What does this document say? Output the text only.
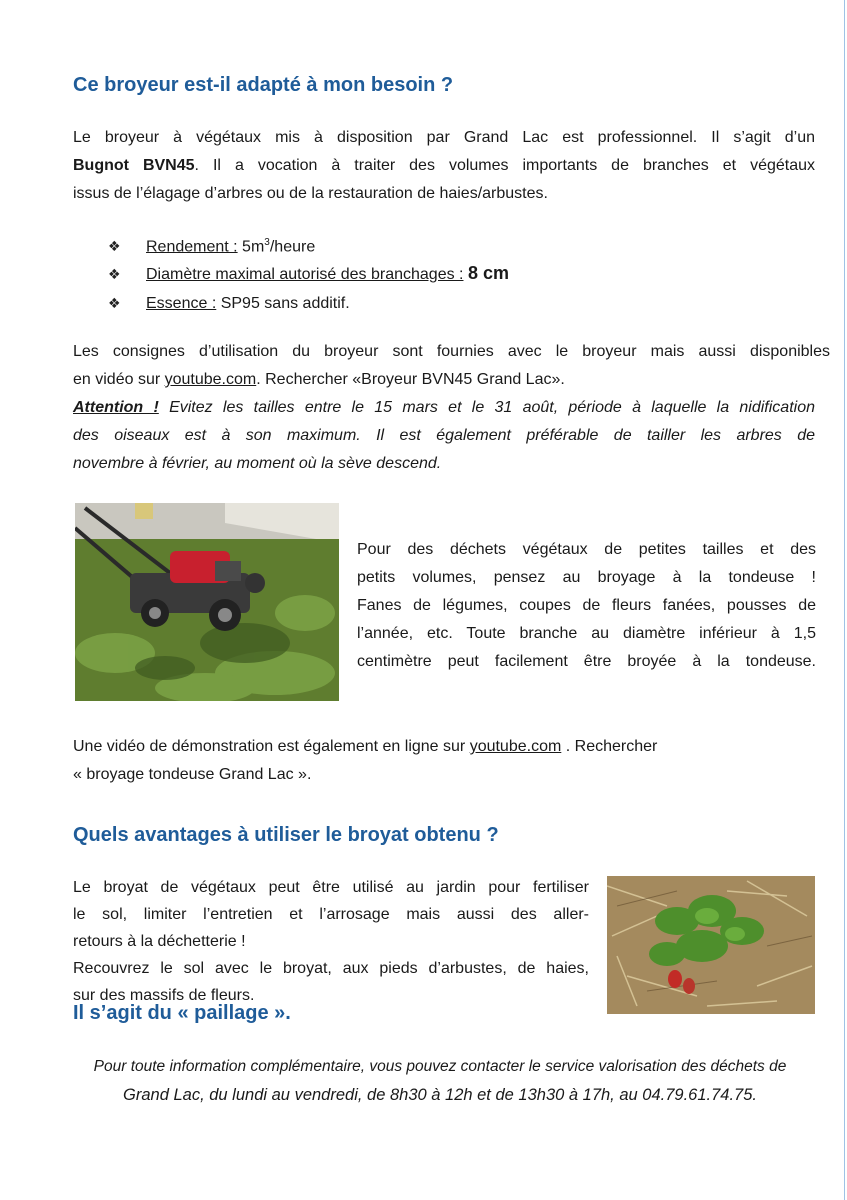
Ce broyeur est-il adapté à mon besoin ?

Le broyeur à végétaux mis à disposition par Grand Lac est professionnel. Il s’agit d’un

Bugnot BVN45. Il a vocation à traiter des volumes importants de branches et végétaux

issus de l’élagage d’arbres ou de la restauration de haies/arbustes.

❖ Rendement : $5m^3$/heure
❖ Diamètre maximal autorisé des branchages : 8 cm
❖ Essence : SP95 sans additif.

Les consignes d’utilisation du broyeur sont fournies avec le broyeur mais aussi disponibles

en vidéo sur youtube.com. Rechercher «Broyeur BVN45 Grand Lac».

Attention ! Evitez les tailles entre le 15 mars et le 31 août, période à laquelle la nidification

des oiseaux est à son maximum. Il est également préférable de tailler les arbres de

novembre à février, au moment où la sève descend.

Pour des déchets végétaux de petites tailles et des
petits volumes, pensez au broyage à la tondeuse !
Fanes de légumes, coupes de fleurs fanées, pousses de
l’année, etc. Toute branche au diamètre inférieur à 1,5
centimètre peut facilement être broyée à la tondeuse.

Une vidéo de démonstration est également en ligne sur youtube.com . Rechercher

« broyage tondeuse Grand Lac ».

Quels avantages à utiliser le broyat obtenu ?
Le broyat de végétaux peut être utilisé au jardin pour fertiliser
le sol, limiter l’entretien et l’arrosage mais aussi des aller-
retours à la déchetterie !
Recouvrez le sol avec le broyat, aux pieds d’arbustes, de haies,
sur des massifs de fleurs.

Il s’agit du « paillage ».

Pour toute information complémentaire, vous pouvez contacter le service valorisation des déchets de

Grand Lac, du lundi au vendredi, de 8h30 à 12h et de 13h30 à 17h, au 04.79.61.74.75.
